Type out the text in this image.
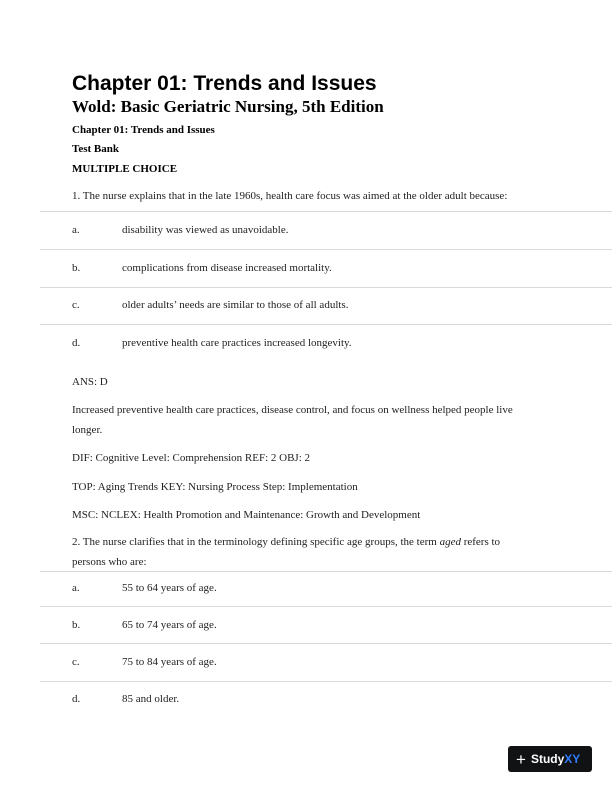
Chapter 01: Trends and Issues
Wold: Basic Geriatric Nursing, 5th Edition
Chapter 01: Trends and Issues
Test Bank
MULTIPLE CHOICE
1. The nurse explains that in the late 1960s, health care focus was aimed at the older adult because:
a.	disability was viewed as unavoidable.
b.	complications from disease increased mortality.
c.	older adults’ needs are similar to those of all adults.
d.	preventive health care practices increased longevity.
ANS: D
Increased preventive health care practices, disease control, and focus on wellness helped people live longer.
DIF: Cognitive Level: Comprehension REF: 2 OBJ: 2
TOP: Aging Trends KEY: Nursing Process Step: Implementation
MSC: NCLEX: Health Promotion and Maintenance: Growth and Development
2. The nurse clarifies that in the terminology defining specific age groups, the term aged refers to persons who are:
a.	55 to 64 years of age.
b.	65 to 74 years of age.
c.	75 to 84 years of age.
d.	85 and older.
+ Study XY
